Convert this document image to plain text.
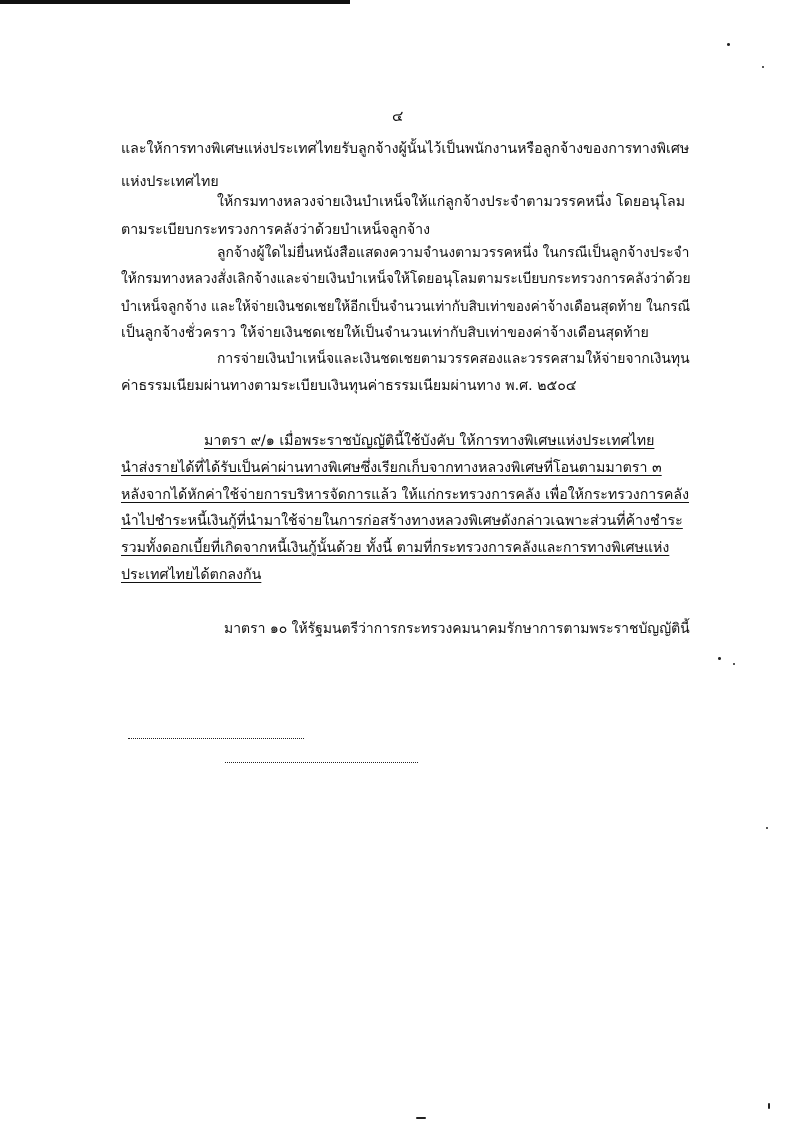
๔
และให้การทางพิเศษแห่งประเทศไทยรับลูกจ้างผู้นั้นไว้เป็นพนักงานหรือลูกจ้างของการทางพิเศษ
แห่งประเทศไทย
ให้กรมทางหลวงจ่ายเงินบำเหน็จให้แก่ลูกจ้างประจำตามวรรคหนึ่ง โดยอนุโลม
ตามระเบียบกระทรวงการคลังว่าด้วยบำเหน็จลูกจ้าง
ลูกจ้างผู้ใดไม่ยื่นหนังสือแสดงความจำนงตามวรรคหนึ่ง ในกรณีเป็นลูกจ้างประจำ
ให้กรมทางหลวงสั่งเลิกจ้างและจ่ายเงินบำเหน็จให้โดยอนุโลมตามระเบียบกระทรวงการคลังว่าด้วย
บำเหน็จลูกจ้าง และให้จ่ายเงินชดเชยให้อีกเป็นจำนวนเท่ากับสิบเท่าของค่าจ้างเดือนสุดท้าย ในกรณี
เป็นลูกจ้างชั่วคราว ให้จ่ายเงินชดเชยให้เป็นจำนวนเท่ากับสิบเท่าของค่าจ้างเดือนสุดท้าย
การจ่ายเงินบำเหน็จและเงินชดเชยตามวรรคสองและวรรคสามให้จ่ายจากเงินทุน
ค่าธรรมเนียมผ่านทางตามระเบียบเงินทุนค่าธรรมเนียมผ่านทาง พ.ศ. ๒๕๐๔
มาตรา ๙/๑ เมื่อพระราชบัญญัตินี้ใช้บังคับ ให้การทางพิเศษแห่งประเทศไทย
นำส่งรายได้ที่ได้รับเป็นค่าผ่านทางพิเศษซึ่งเรียกเก็บจากทางหลวงพิเศษที่โอนตามมาตรา ๓
หลังจากได้หักค่าใช้จ่ายการบริหารจัดการแล้ว ให้แก่กระทรวงการคลัง เพื่อให้กระทรวงการคลัง
นำไปชำระหนี้เงินกู้ที่นำมาใช้จ่ายในการก่อสร้างทางหลวงพิเศษดังกล่าวเฉพาะส่วนที่ค้างชำระ
รวมทั้งดอกเบี้ยที่เกิดจากหนี้เงินกู้นั้นด้วย ทั้งนี้ ตามที่กระทรวงการคลังและการทางพิเศษแห่ง
ประเทศไทยได้ตกลงกัน
มาตรา ๑๐ ให้รัฐมนตรีว่าการกระทรวงคมนาคมรักษาการตามพระราชบัญญัตินี้
